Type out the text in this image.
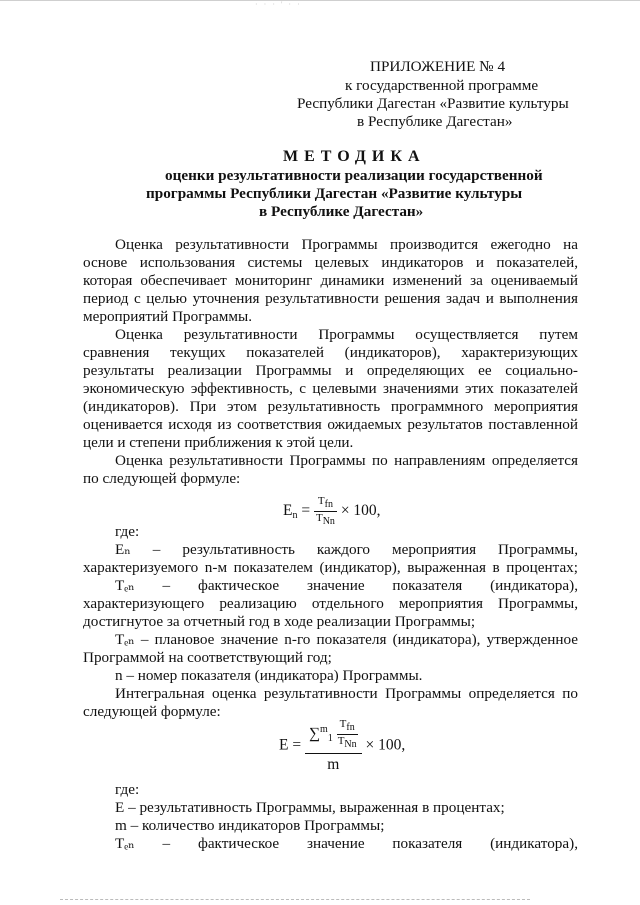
· · · ' · ·
ПРИЛОЖЕНИЕ № 4
к государственной программе
Республики Дагестан «Развитие культуры
в Республике Дагестан»
МЕТОДИКА
оценки результативности реализации государственной
программы Республики Дагестан «Развитие культуры
в Республике Дагестан»
Оценка результативности Программы производится ежегодно на
основе использования системы целевых индикаторов и показателей,
которая обеспечивает мониторинг динамики изменений за оцениваемый
период с целью уточнения результативности решения задач и выполнения
мероприятий Программы.
Оценка результативности Программы осуществляется путем
сравнения текущих показателей (индикаторов), характеризующих
результаты реализации Программы и определяющих ее социально-
экономическую эффективность, с целевыми значениями этих показателей
(индикаторов). При этом результативность программного мероприятия
оценивается исходя из соответствия ожидаемых результатов поставленной
цели и степени приближения к этой цели.
Оценка результативности Программы по направлениям определяется
по следующей формуле:
$E_n = \frac{\text{Tfn}}{\text{TNn}} \times 100$,
где:
Еₙ – результативность каждого мероприятия Программы,
характеризуемого n-м показателем (индикатор), выраженная в процентах;
Тₑₙ – фактическое значение показателя (индикатора),
характеризующего реализацию отдельного мероприятия Программы,
достигнутое за отчетный год в ходе реализации Программы;
Тₑₙ – плановое значение n-го показателя (индикатора), утвержденное
Программой на соответствующий год;
n – номер показателя (индикатора) Программы.
Интегральная оценка результативности Программы определяется по
следующей формуле:
$E = \frac{\sum^m_1 \frac{\text{Tfn}}{\text{TNn}}}{m} \times 100$,
где:
Е – результативность Программы, выраженная в процентах;
m – количество индикаторов Программы;
Тₑₙ – фактическое значение показателя (индикатора),
